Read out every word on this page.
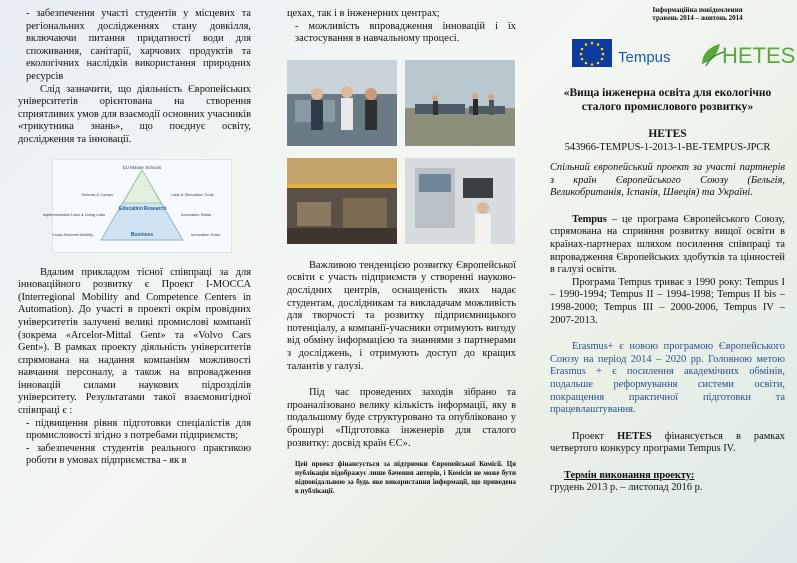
- забезпечення участі студентів у місцевих та регіональних дослідженнях стану довкілля, включаючи питання придатності води для споживання, санітарії, харчових продуктів та екологічних наслідків використання природних ресурсів

Слід зазначити, що діяльність Європейських університетів орієнтована на створення сприятливих умов для взаємодії основних учасників «трикутника знань», що поєднує освіту, дослідження та інновації.

EU Master Schools
Schools & Camps	Labs & Simulation Tools
Implementation Labs & Living Labs	Innovation Radar
Cross-Sectoral Mobility	Innovation Hubs
Education Research
Business

Вдалим прикладом тісної співпраці за для інноваційного розвитку є Проект I-MOCCA (Interregional Mobility and Competence Centers in Automation). До участі в проекті окрім провідних університетів залучені великі промислові компанії (зокрема «Arcelor-Mittal Gent» та «Volvo Cars Gent»). В рамках проекту діяльність університетів спрямована на надання компаніям можливості навчання персоналу, а також на впровадження інновацій силами наукових підрозділів університету. Результатами такої взаємовигідної співпраці є :

- підвищення рівня підготовки спеціалістів для промисловості згідно з потребами підприємств;

- забезпечення студентів реального практикою роботи в умовах підприємства - як в

цехах, так і в інженерних центрах;

- можливість впровадження інновацій і їх застосування в навчальному процесі.

Важливою тенденцією розвитку Європейської освіти є участь підприємств у створенні науково-дослідних центрів, оснащеність яких надає студентам, дослідникам та викладачам можливість для творчості та розвитку підприємницького потенціалу, а компанії-учасники отримують вигоду від обміну інформацією та знаннями з партнерами з досліджень, і отримують доступ до кращих талантів у галузі.

Під час проведених заходів зібрано та проаналізовано велику кількість інформації, яку в подальшому буде структуровано та опубліковано у брошурі «Підготовка інженерів для сталого розвитку: досвід країн ЄС».

Цей проект фінансується за підтримки Європейської Комісії. Ця публікація відображує лише бачення авторів, і Комісія не може бути відповідальною за будь яке використання інформації, що приведена в публікації.

Інформаційна повідомлення
травень 2014 – жовтень 2014
Tempus HETES
«Вища інженерна освіта для екологічно сталого промислового розвитку»
HETES
543966-TEMPUS-1-2013-1-BE-TEMPUS-JPCR

Спільний європейський проект за участі партнерів з країн Європейського Союзу (Бельгія, Великобританія, Іспанія, Швеція) та Україні.

Tempus – це програма Європейського Союзу, спрямована на сприяння розвитку вищої освіти в країнах-партнерах шляхом посилення співпраці та впровадження Європейських здобутків та цінностей в галузі освіти.

Програма Tempus триває з 1990 року: Tempus I – 1990-1994; Tempus II – 1994-1998; Tempus II bis – 1998-2000; Tempus III – 2000-2006, Tempus IV – 2007-2013.

Erasmus+ є новою програмою Європейського Союзу на період 2014 – 2020 рр. Головною метою Erasmus + є посилення академічних обмінів, подальше реформування системи освіти, покращення практичної підготовки та працевлаштування.

Проект HETES фінансується в рамках четвертого конкурсу програми Tempus IV.

Термін виконання проекту:

грудень 2013 р. – листопад 2016 р.
